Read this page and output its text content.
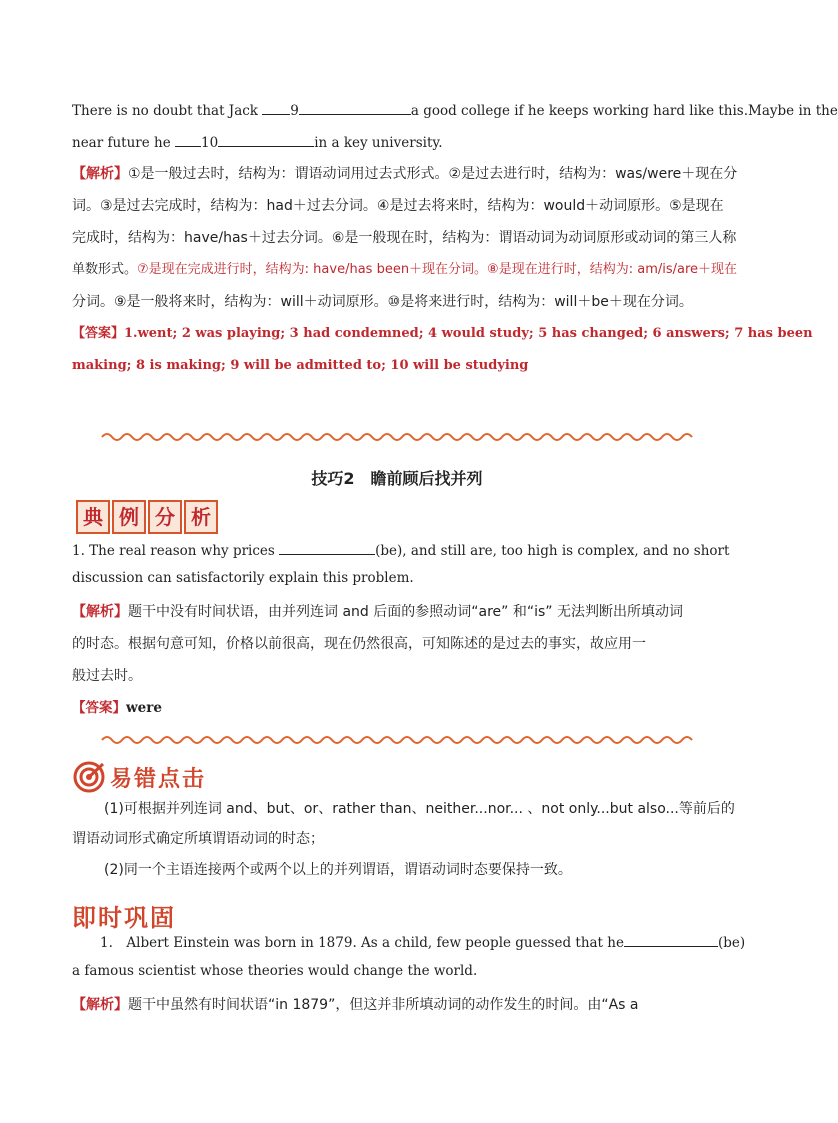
There is no doubt that Jack 9	a good college if he keeps working hard like this.Maybe in the
near future he 10	in a key university.
【解析】①是一般过去时，结构为：谓语动词用过去式形式。②是过去进行时，结构为：was/were＋现在分
词。③是过去完成时，结构为：had＋过去分词。④是过去将来时，结构为：would＋动词原形。⑤是现在
完成时，结构为：have/has＋过去分词。⑥是一般现在时，结构为：谓语动词为动词原形或动词的第三人称
单数形式。⑦是现在完成进行时，结构为: have/has been＋现在分词。⑧是现在进行时，结构为: am/is/are＋现在
分词。⑨是一般将来时，结构为：will＋动词原形。⑩是将来进行时，结构为：will＋be＋现在分词。
【答案】1.went; 2 was playing; 3 had condemned; 4 would study; 5 has changed; 6 answers; 7 has been
making; 8 is making; 9 will be admitted to; 10 will be studying
技巧2　瞻前顾后找并列
典 例 分 析
1. The real reason why prices	(be), and still are, too high is complex, and no short
discussion can satisfactorily explain this problem.
【解析】题干中没有时间状语，由并列连词 and 后面的参照动词“are” 和“is” 无法判断出所填动词
的时态。根据句意可知，价格以前很高，现在仍然很高，可知陈述的是过去的事实，故应用一
般过去时。
【答案】were
易错点击
(1)可根据并列连词 and、but、or、rather than、neither...nor... 、not only...but also...等前后的
谓语动词形式确定所填谓语动词的时态；
(2)同一个主语连接两个或两个以上的并列谓语，谓语动词时态要保持一致。
即时巩固
1.　Albert Einstein was born in 1879. As a child, few people guessed that he	(be)
a famous scientist whose theories would change the world.
【解析】题干中虽然有时间状语“in 1879”，但这并非所填动词的动作发生的时间。由“As a
